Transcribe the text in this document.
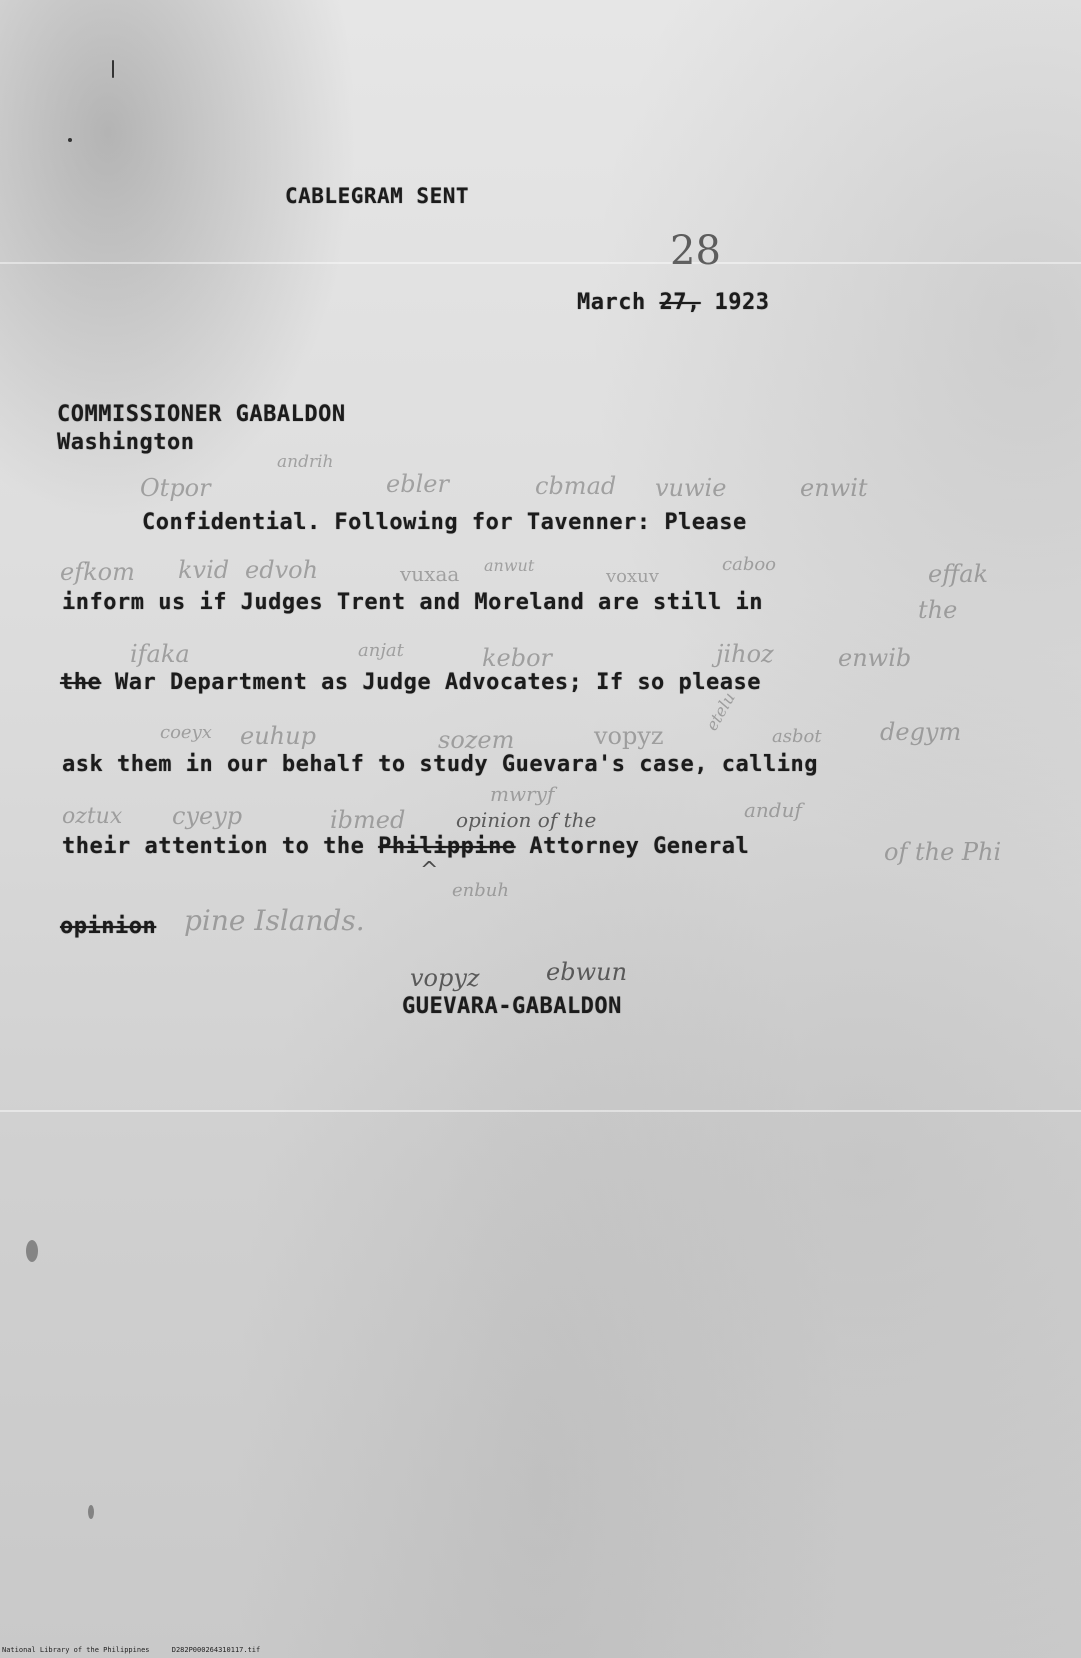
CABLEGRAM SENT
28
March 27, 1923
COMMISSIONER GABALDON
Washington
Otpor
andrih
ebler	cbmad vuwie	enwit
Confidential. Following for Tavenner: Please
efkom kvid edvoh	vuxaa anwut
voxuv
caboo	effak
inform us if Judges Trent and Moreland are still in	the
ifaka	anjat	kebor	jihoz	enwib
the War Department as Judge Advocates; If so please
coeyx euhup	sozem	vopyz
etelu
asbot degym
ask them in our behalf to study Guevara's case, calling
oztux cyeyp	ibmed
mwryf
anduf
opinion of the
their attention to the Philippine Attorney General
^
of the Phi
enbuh
opinion pine Islands.
vopyz	ebwun
GUEVARA-GABALDON
National Library of the Philippines	D282P000264310117.tif
